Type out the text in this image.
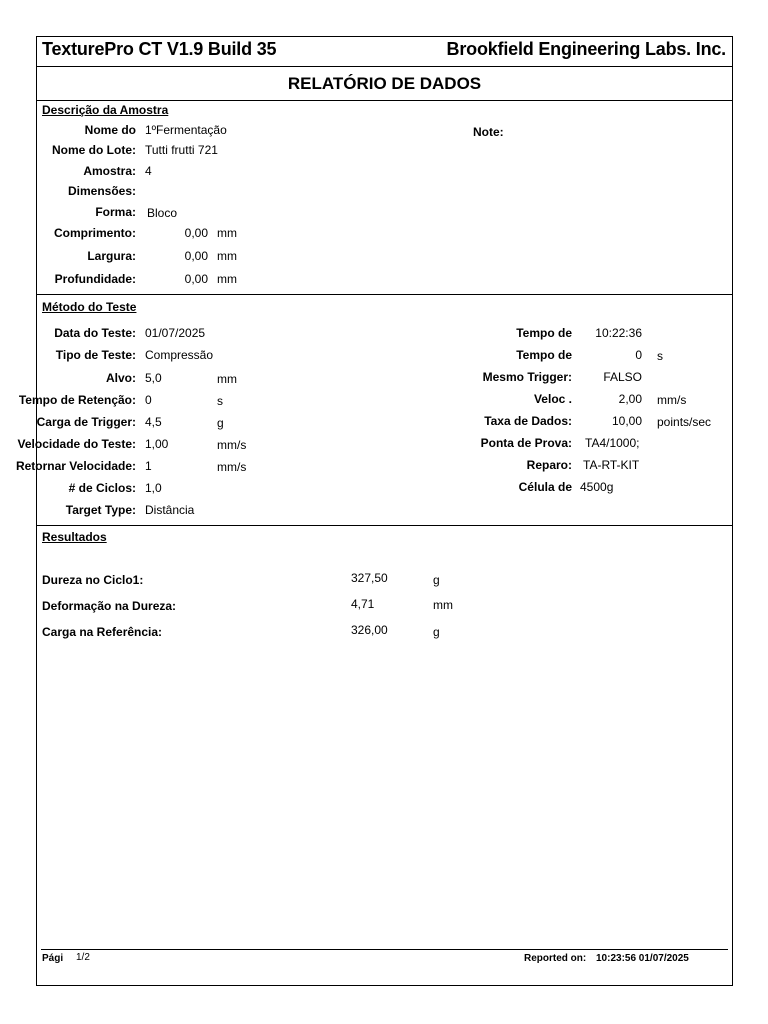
TexturePro CT V1.9 Build 35	Brookfield Engineering Labs. Inc.
RELATÓRIO DE DADOS
Descrição da Amostra
Nome do 1ºFermentação
Nome do Lote: Tutti frutti 721
Amostra: 4
Dimensões:
Forma: Bloco
Comprimento:	0,00 mm
Largura:	0,00 mm
Profundidade:	0,00 mm
Note:
Método do Teste
Data do Teste: 01/07/2025
Tipo de Teste: Compressão
Alvo: 5,0	mm
Tempo de Retenção: 0	s
Carga de Trigger: 4,5	g
Velocidade do Teste: 1,00	mm/s
Retornar Velocidade: 1	mm/s
# de Ciclos: 1,0
Target Type: Distância
Tempo de 10:22:36
Tempo de	0 s
Mesmo Trigger:	FALSO
Veloc .	2,00 mm/s
Taxa de Dados:	10,00 points/sec
Ponta de Prova: TA4/1000;
Reparo: TA-RT-KIT
Célula de 4500g
Resultados
Dureza no Ciclo1:	327,50	g
Deformação na Dureza:	4,71	mm
Carga na Referência:	326,00	g
Pági 1/2	Reported on: 10:23:56 01/07/2025
